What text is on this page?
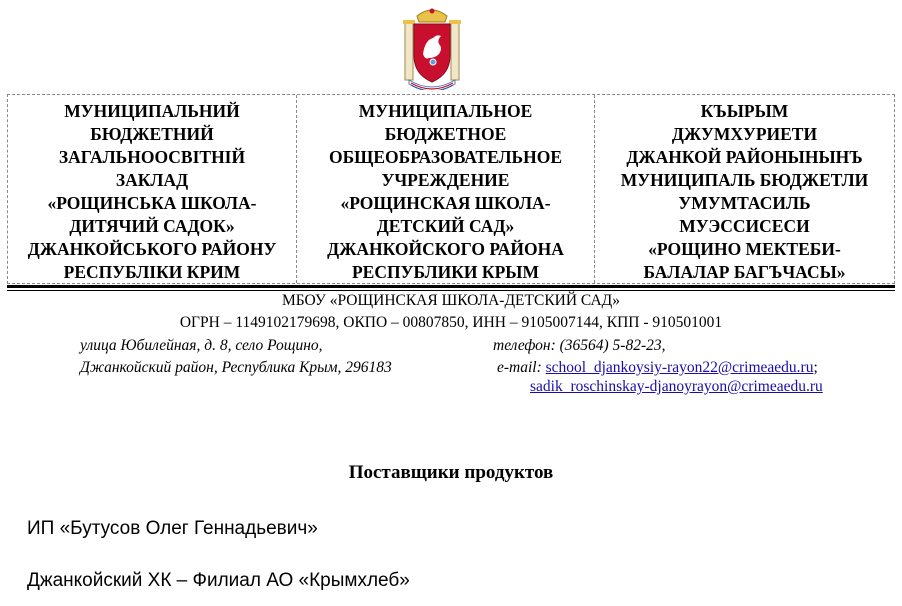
МУНИЦИПАЛЬНИЙ
БЮДЖЕТНИЙ
ЗАГАЛЬНООСВІТНІЙ
ЗАКЛАД
«РОЩИНСЬКА ШКОЛА-
ДИТЯЧИЙ САДОК»
ДЖАНКОЙСЬКОГО РАЙОНУ
РЕСПУБЛІКИ КРИМ
МУНИЦИПАЛЬНОЕ
БЮДЖЕТНОЕ
ОБЩЕОБРАЗОВАТЕЛЬНОЕ
УЧРЕЖДЕНИЕ
«РОЩИНСКАЯ ШКОЛА-
ДЕТСКИЙ САД»
ДЖАНКОЙСКОГО РАЙОНА
РЕСПУБЛИКИ КРЫМ
КЪЫРЫМ
ДЖУМХУРИЕТИ
ДЖАНКОЙ РАЙОНЫНЫНЪ
МУНИЦИПАЛЬ БЮДЖЕТЛИ
УМУМТАСИЛЬ
МУЭССИСЕСИ
«РОЩИНО МЕКТЕБИ-
БАЛАЛАР БАГЪЧАСЫ»
МБОУ «РОЩИНСКАЯ ШКОЛА-ДЕТСКИЙ САД»
ОГРН – 1149102179698, ОКПО – 00807850, ИНН – 9105007144, КПП - 910501001
улица Юбилейная, д. 8, село Рощино,	телефон: (36564) 5-82-23,
Джанкойский район, Республика Крым, 296183	e-mail: school_djankoysiy-rayon22@crimeaedu.ru;
sadik_roschinskay-djanoyrayon@crimeaedu.ru
Поставщики продуктов
ИП «Бутусов Олег Геннадьевич»
Джанкойский ХК – Филиал АО «Крымхлеб»
